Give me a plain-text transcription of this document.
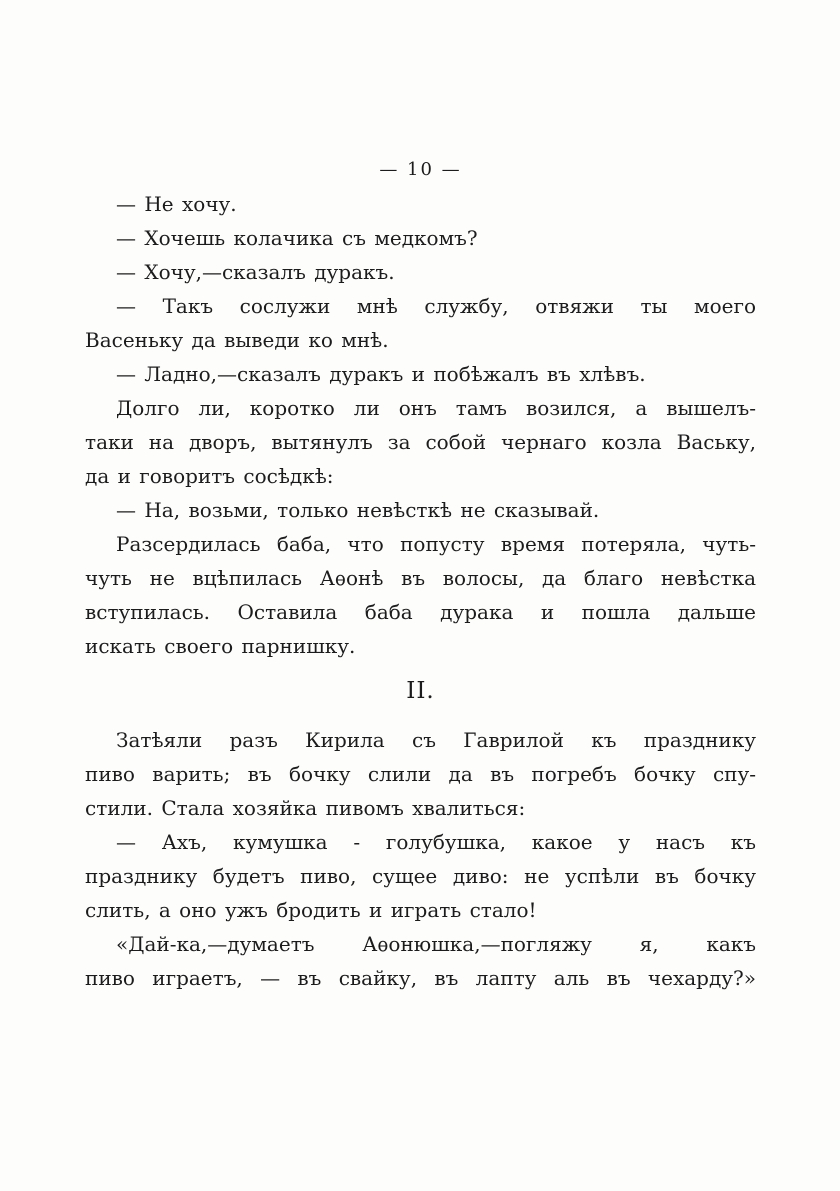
— 10 —
— Не хочу.
— Хочешь колачика съ медкомъ?
— Хочу,—сказалъ дуракъ.
— Такъ сослужи мнѣ службу, отвяжи ты моего
Васеньку да выведи ко мнѣ.
— Ладно,—сказалъ дуракъ и побѣжалъ въ хлѣвъ.
Долго ли, коротко ли онъ тамъ возился, а вышелъ-
таки на дворъ, вытянулъ за собой чернаго козла Ваську,
да и говоритъ сосѣдкѣ:
— На, возьми, только невѣсткѣ не сказывай.
Разсердилась баба, что попусту время потеряла, чуть-
чуть не вцѣпилась Аѳонѣ въ волосы, да благо невѣстка
вступилась. Оставила баба дурака и пошла дальше
искать своего парнишку.
II.
Затѣяли разъ Кирила съ Гаврилой къ празднику
пиво варить; въ бочку слили да въ погребъ бочку спу-
стили. Стала хозяйка пивомъ хвалиться:
— Ахъ, кумушка - голубушка, какое у насъ къ
празднику будетъ пиво, сущее диво: не успѣли въ бочку
слить, а оно ужъ бродить и играть стало!
«Дай-ка,—думаетъ Аѳонюшка,—погляжу я, какъ
пиво играетъ, — въ свайку, въ лапту аль въ чехарду?»
